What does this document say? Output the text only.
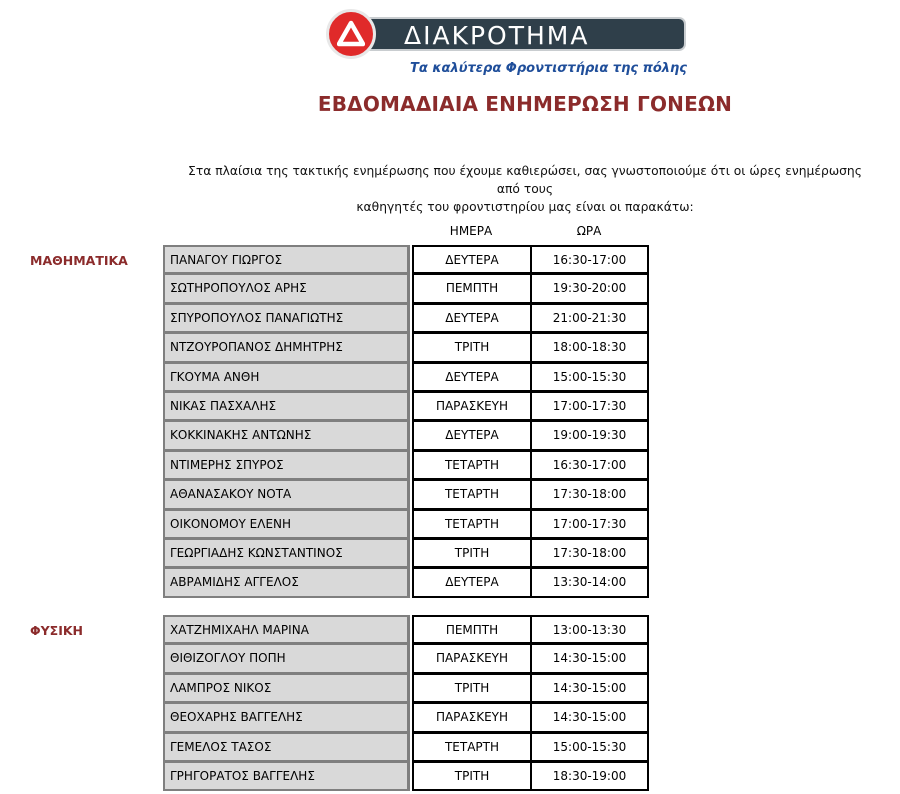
ΔΙΑΚΡΟΤΗΜΑ
Τα καλύτερα Φροντιστήρια της πόλης
ΕΒΔΟΜΑΔΙΑΙΑ ΕΝΗΜΕΡΩΣΗ ΓΟΝΕΩΝ
Στα πλαίσια της τακτικής ενημέρωσης που έχουμε καθιερώσει, σας γνωστοποιούμε ότι οι ώρες ενημέρωσης από τους
καθηγητές του φροντιστηρίου μας είναι οι παρακάτω:
ΗΜΕΡΑ	ΩΡΑ
ΜΑΘΗΜΑΤΙΚΑ	ΠΑΝΑΓΟΥ ΓΙΩΡΓΟΣ	ΔΕΥΤΕΡΑ	16:30-17:00
ΣΩΤΗΡΟΠΟΥΛΟΣ ΑΡΗΣ	ΠΕΜΠΤΗ	19:30-20:00
ΣΠΥΡΟΠΟΥΛΟΣ ΠΑΝΑΓΙΩΤΗΣ	ΔΕΥΤΕΡΑ	21:00-21:30
ΝΤΖΟΥΡΟΠΑΝΟΣ ΔΗΜΗΤΡΗΣ	ΤΡΙΤΗ	18:00-18:30
ΓΚΟΥΜΑ ΑΝΘΗ	ΔΕΥΤΕΡΑ	15:00-15:30
ΝΙΚΑΣ ΠΑΣΧΑΛΗΣ	ΠΑΡΑΣΚΕΥΗ	17:00-17:30
ΚΟΚΚΙΝΑΚΗΣ ΑΝΤΩΝΗΣ	ΔΕΥΤΕΡΑ	19:00-19:30
ΝΤΙΜΕΡΗΣ ΣΠΥΡΟΣ	ΤΕΤΑΡΤΗ	16:30-17:00
ΑΘΑΝΑΣΑΚΟΥ ΝΟΤΑ	ΤΕΤΑΡΤΗ	17:30-18:00
ΟΙΚΟΝΟΜΟΥ ΕΛΕΝΗ	ΤΕΤΑΡΤΗ	17:00-17:30
ΓΕΩΡΓΙΑΔΗΣ ΚΩΝΣΤΑΝΤΙΝΟΣ	ΤΡΙΤΗ	17:30-18:00
ΑΒΡΑΜΙΔΗΣ ΑΓΓΕΛΟΣ	ΔΕΥΤΕΡΑ	13:30-14:00
ΦΥΣΙΚΗ	ΧΑΤΖΗΜΙΧΑΗΛ ΜΑΡΙΝΑ	ΠΕΜΠΤΗ	13:00-13:30
ΘΙΘΙΖΟΓΛΟΥ ΠΟΠΗ	ΠΑΡΑΣΚΕΥΗ	14:30-15:00
ΛΑΜΠΡΟΣ ΝΙΚΟΣ	ΤΡΙΤΗ	14:30-15:00
ΘΕΟΧΑΡΗΣ ΒΑΓΓΕΛΗΣ	ΠΑΡΑΣΚΕΥΗ	14:30-15:00
ΓΕΜΕΛΟΣ ΤΑΣΟΣ	ΤΕΤΑΡΤΗ	15:00-15:30
ΓΡΗΓΟΡΑΤΟΣ ΒΑΓΓΕΛΗΣ	ΤΡΙΤΗ	18:30-19:00
